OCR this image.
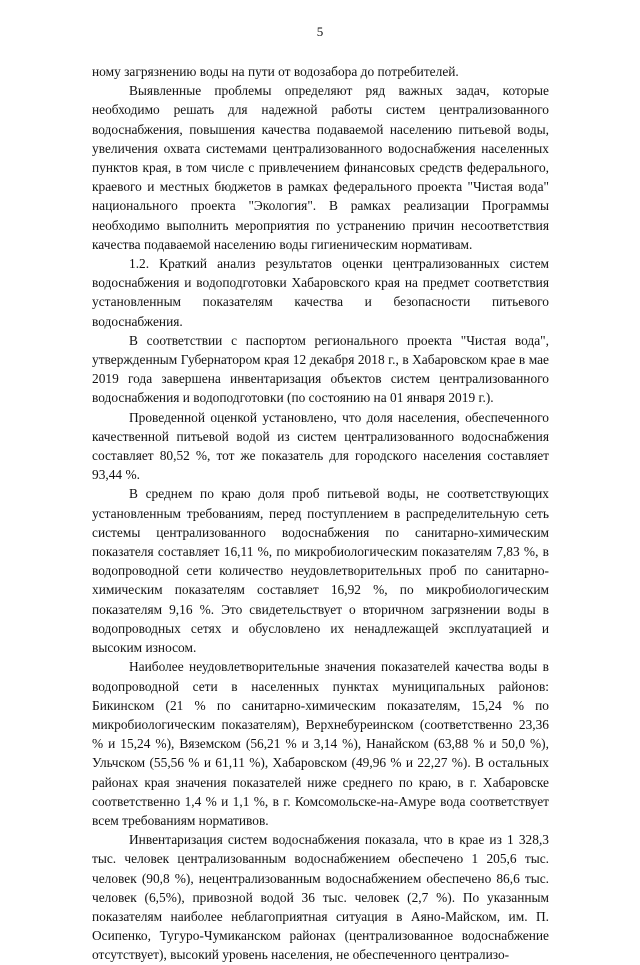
5

ному загрязнению воды на пути от водозабора до потребителей.

Выявленные проблемы определяют ряд важных задач, которые необходимо решать для надежной работы систем централизованного водоснабжения, повышения качества подаваемой населению питьевой воды, увеличения охвата системами централизованного водоснабжения населенных пунктов края, в том числе с привлечением финансовых средств федерального, краевого и местных бюджетов в рамках федерального проекта "Чистая вода" национального проекта "Экология". В рамках реализации Программы необходимо выполнить мероприятия по устранению причин несоответствия качества подаваемой населению воды гигиеническим нормативам.

1.2. Краткий анализ результатов оценки централизованных систем водоснабжения и водоподготовки Хабаровского края на предмет соответствия установленным показателям качества и безопасности питьевого водоснабжения.

В соответствии с паспортом регионального проекта "Чистая вода", утвержденным Губернатором края 12 декабря 2018 г., в Хабаровском крае в мае 2019 года завершена инвентаризация объектов систем централизованного водоснабжения и водоподготовки (по состоянию на 01 января 2019 г.).

Проведенной оценкой установлено, что доля населения, обеспеченного качественной питьевой водой из систем централизованного водоснабжения составляет 80,52 %, тот же показатель для городского населения составляет 93,44 %.

В среднем по краю доля проб питьевой воды, не соответствующих установленным требованиям, перед поступлением в распределительную сеть системы централизованного водоснабжения по санитарно-химическим показателя составляет 16,11 %, по микробиологическим показателям 7,83 %, в водопроводной сети количество неудовлетворительных проб по санитарно-химическим показателям составляет 16,92 %, по микробиологическим показателям 9,16 %. Это свидетельствует о вторичном загрязнении воды в водопроводных сетях и обусловлено их ненадлежащей эксплуатацией и высоким износом.

Наиболее неудовлетворительные значения показателей качества воды в водопроводной сети в населенных пунктах муниципальных районов: Бикинском (21 % по санитарно-химическим показателям, 15,24 % по микробиологическим показателям), Верхнебуреинском (соответственно 23,36 % и 15,24 %), Вяземском (56,21 % и 3,14 %), Нанайском (63,88 % и 50,0 %), Ульчском (55,56 % и 61,11 %), Хабаровском (49,96 % и 22,27 %). В остальных районах края значения показателей ниже среднего по краю, в г. Хабаровске соответственно 1,4 % и 1,1 %, в г. Комсомольске-на-Амуре вода соответствует всем требованиям нормативов.

Инвентаризация систем водоснабжения показала, что в крае из 1 328,3 тыс. человек централизованным водоснабжением обеспечено 1 205,6 тыс. человек (90,8 %), нецентрализованным водоснабжением обеспечено 86,6 тыс. человек (6,5%), привозной водой 36 тыс. человек (2,7 %). По указанным показателям наиболее неблагоприятная ситуация в Аяно-Майском, им. П. Осипенко, Тугуро-Чумиканском районах (централизованное водоснабжение отсутствует), высокий уровень населения, не обеспеченного централизо-
